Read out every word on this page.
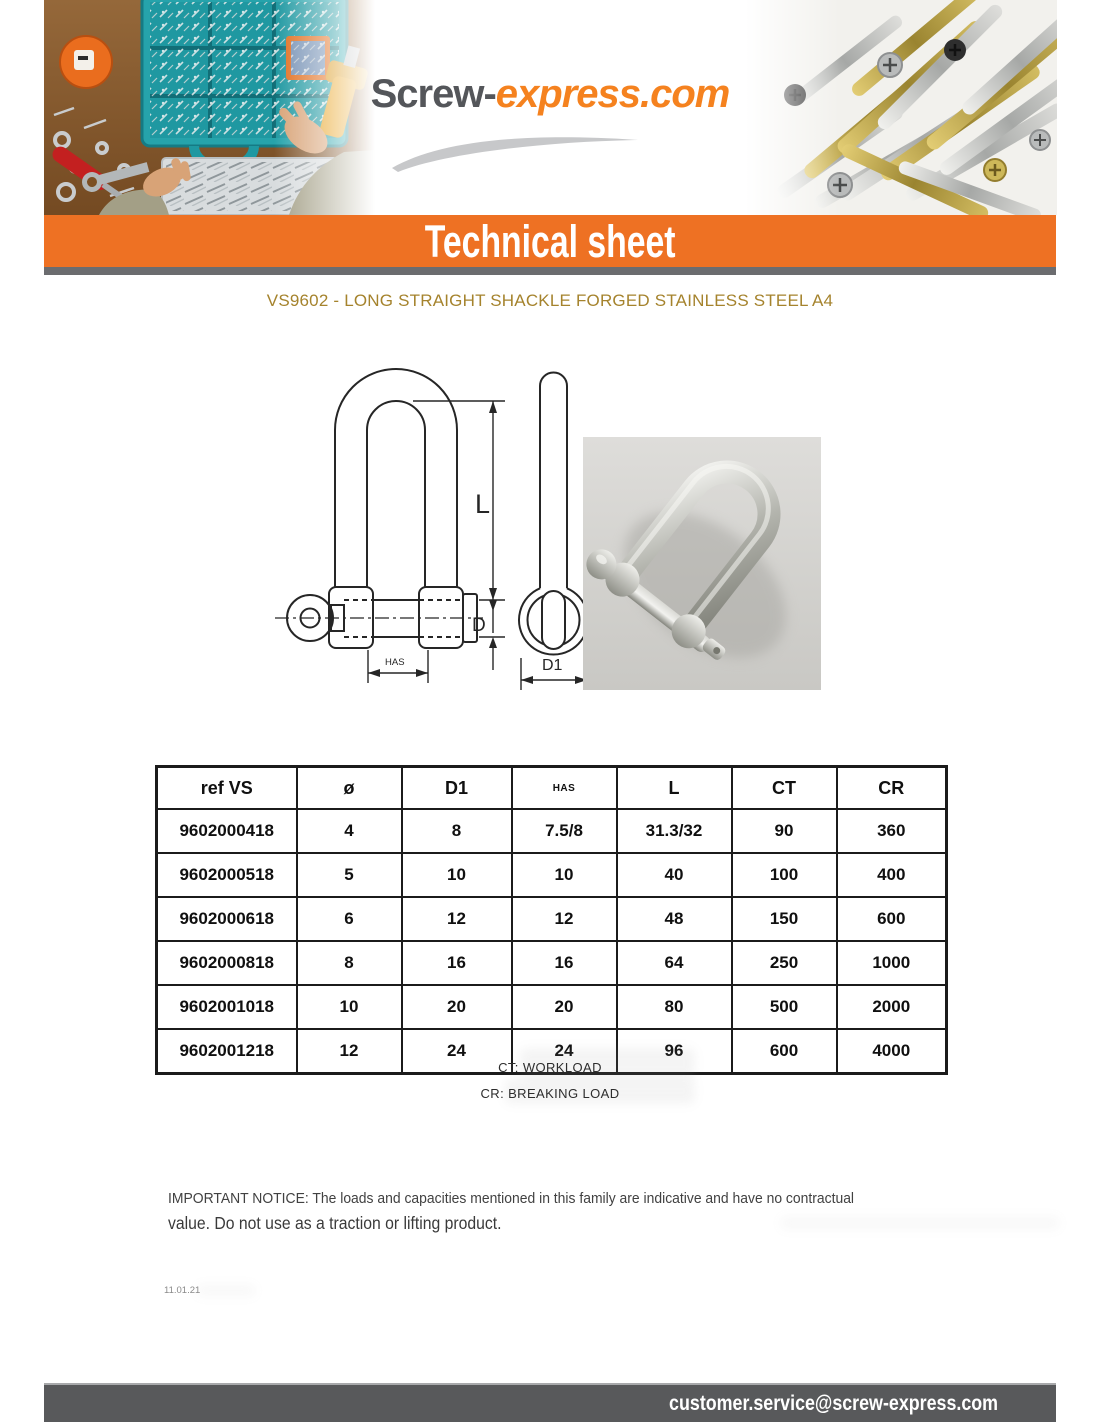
Screw-express.com
Technical sheet
VS9602 - LONG STRAIGHT SHACKLE FORGED STAINLESS STEEL A4
L
D
HAS	D1
ref VS	ø	D1	HAS	L	CT	CR
9602000418	4	8	7.5/8	31.3/32	90	360
9602000518	5	10	10	40	100	400
9602000618	6	12	12	48	150	600
9602000818	8	16	16	64	250	1000
9602001018	10	20	20	80	500	2000
9602001218	12	24	24	96	600	4000
CT: WORKLOAD
CR: BREAKING LOAD
IMPORTANT NOTICE: The loads and capacities mentioned in this family are indicative and have no contractual
value. Do not use as a traction or lifting product.
11.01.21
customer.service@screw-express.com
